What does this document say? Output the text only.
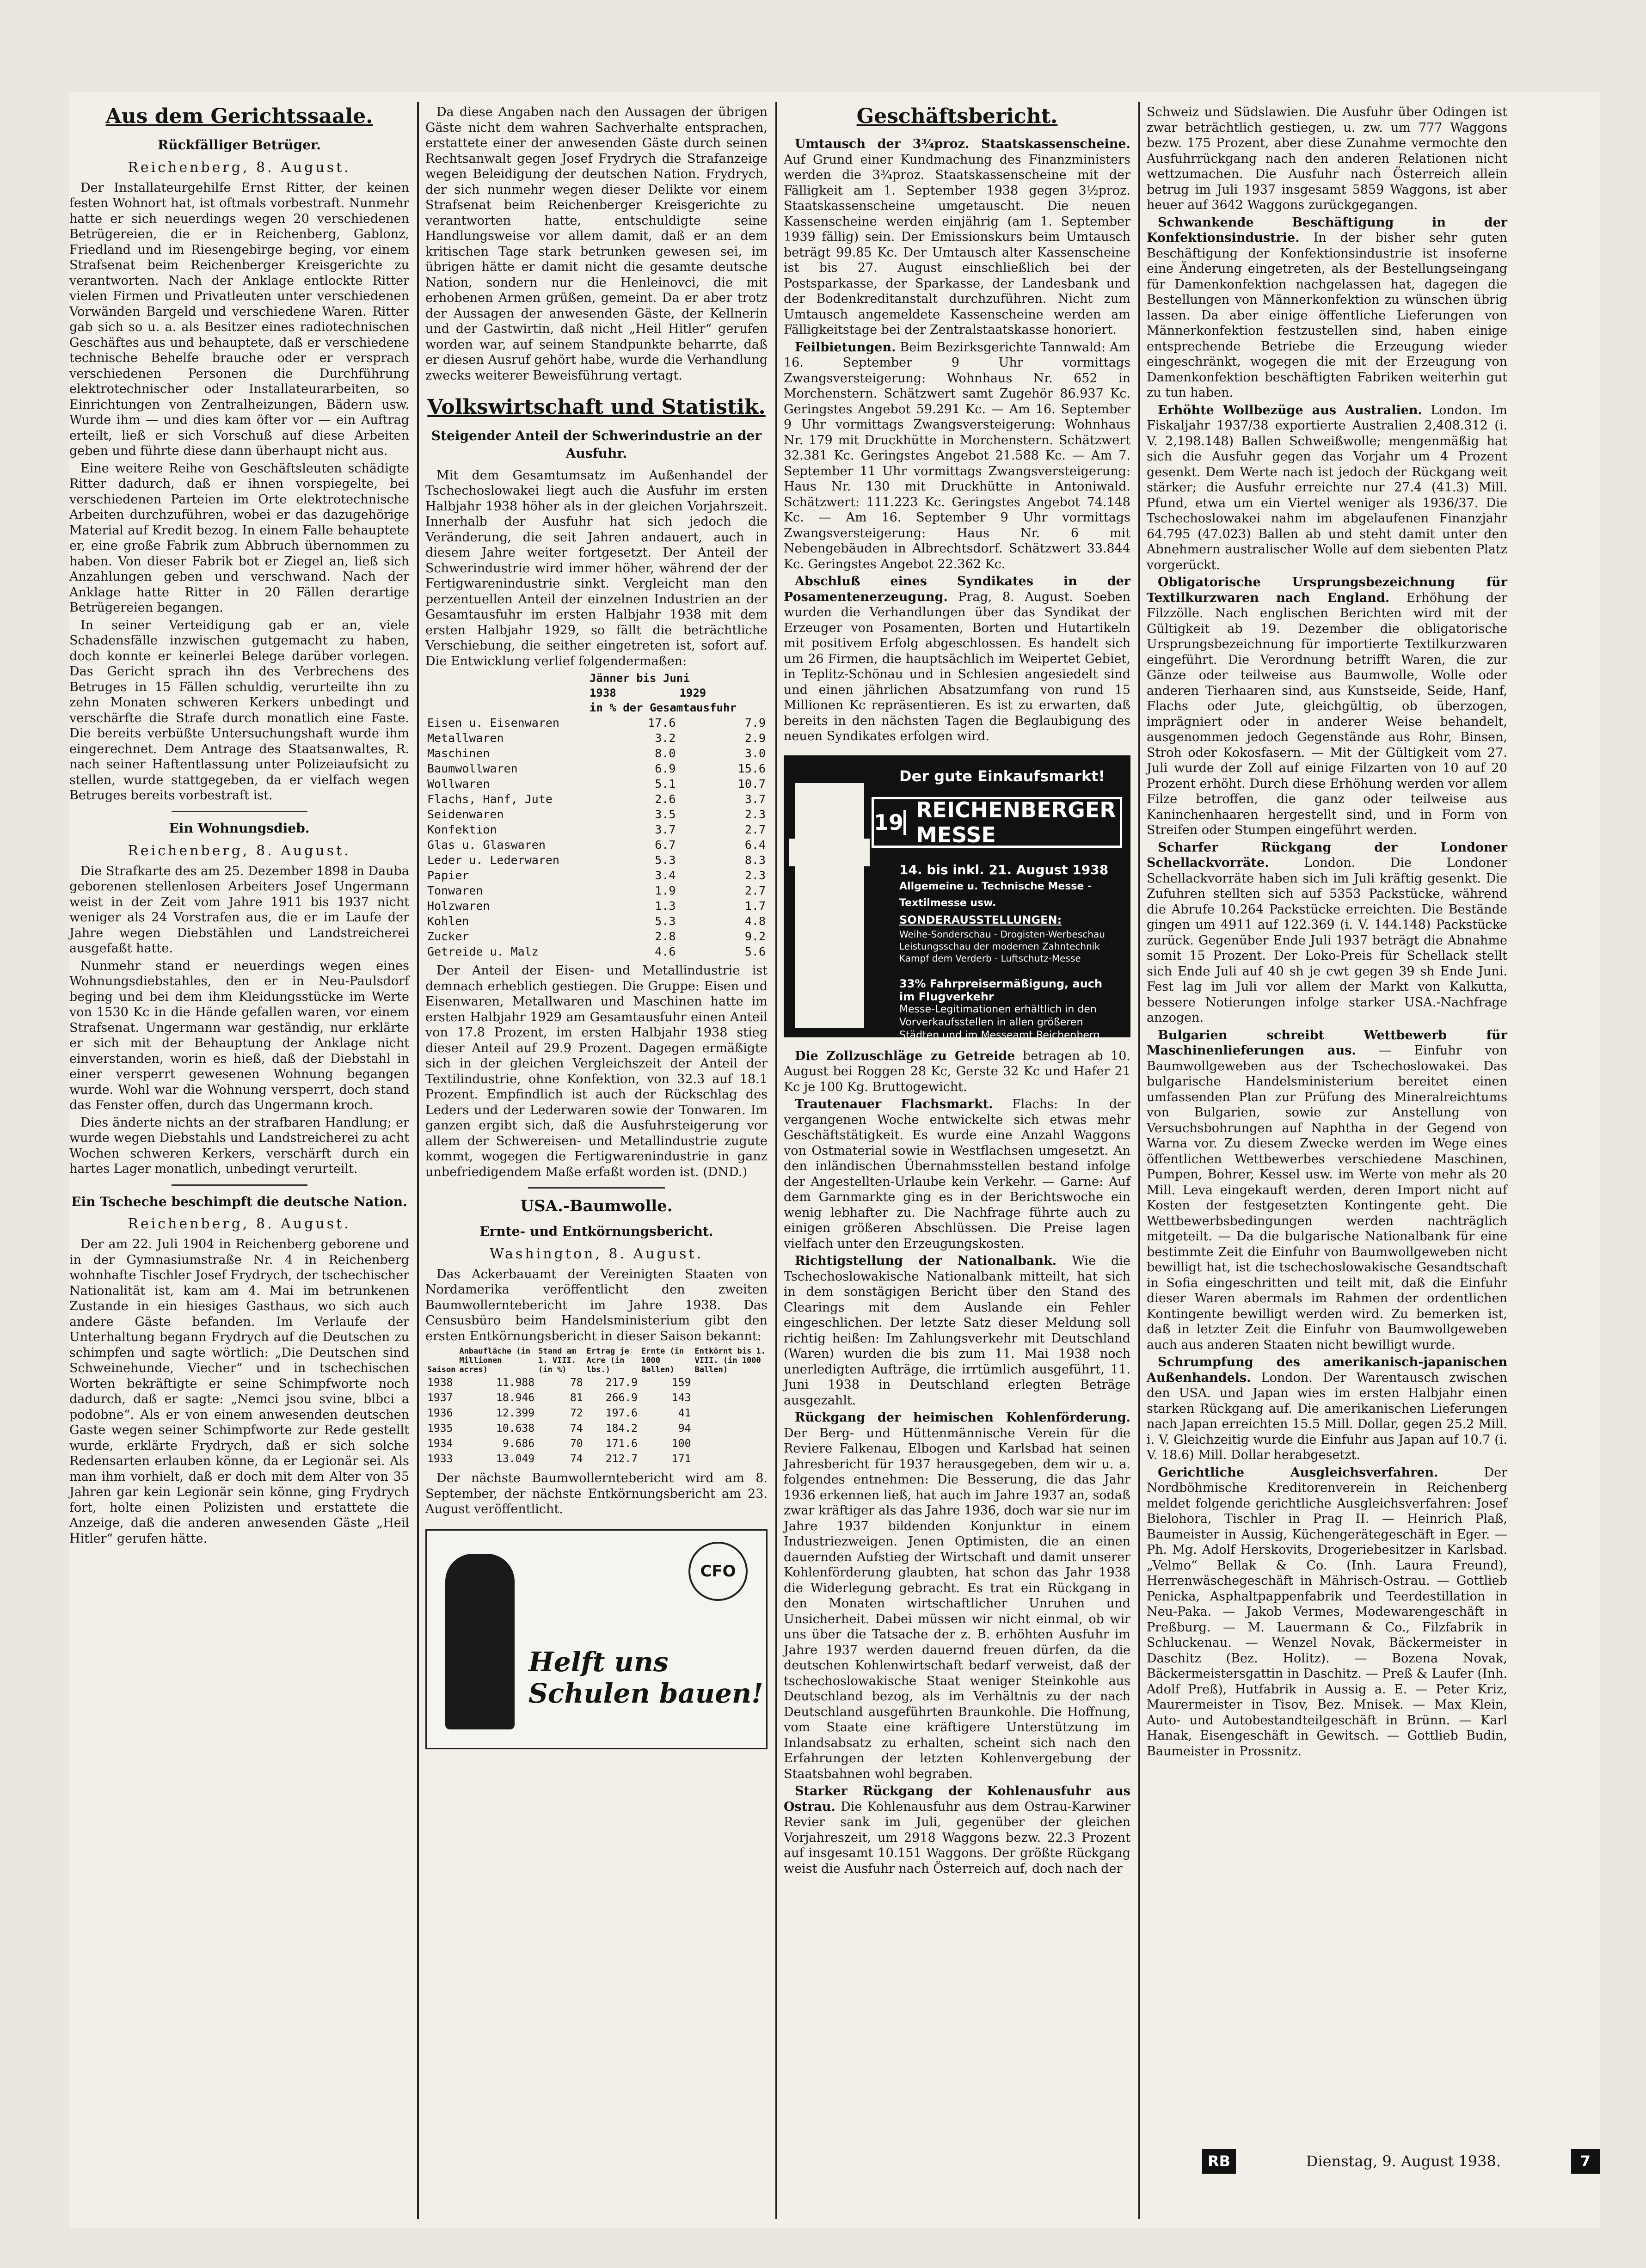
Aus dem Gerichtssaale.
Rückfälliger Betrüger.
Reichenberg, 8. August.

Der Installateurgehilfe Ernst Ritter, der keinen festen Wohnort hat, ist oftmals vorbestraft. Nunmehr hatte er sich neuerdings wegen 20 verschiedenen Betrügereien, die er in Reichenberg, Gablonz, Friedland und im Riesengebirge beging, vor einem Strafsenat beim Reichenberger Kreisgerichte zu verantworten. Nach der Anklage entlockte Ritter vielen Firmen und Privatleuten unter verschiedenen Vorwänden Bargeld und verschiedene Waren. Ritter gab sich so u. a. als Besitzer eines radiotechnischen Geschäftes aus und behauptete, daß er verschiedene technische Behelfe brauche oder er versprach verschiedenen Personen die Durchführung elektrotechnischer oder Installateurarbeiten, so Einrichtungen von Zentralheizungen, Bädern usw. Wurde ihm — und dies kam öfter vor — ein Auftrag erteilt, ließ er sich Vorschuß auf diese Arbeiten geben und führte diese dann überhaupt nicht aus.

Eine weitere Reihe von Geschäftsleuten schädigte Ritter dadurch, daß er ihnen vorspiegelte, bei verschiedenen Parteien im Orte elektrotechnische Arbeiten durchzuführen, wobei er das dazugehörige Material auf Kredit bezog. In einem Falle behauptete er, eine große Fabrik zum Abbruch übernommen zu haben. Von dieser Fabrik bot er Ziegel an, ließ sich Anzahlungen geben und verschwand. Nach der Anklage hatte Ritter in 20 Fällen derartige Betrügereien begangen.

In seiner Verteidigung gab er an, viele Schadensfälle inzwischen gutgemacht zu haben, doch konnte er keinerlei Belege darüber vorlegen. Das Gericht sprach ihn des Verbrechens des Betruges in 15 Fällen schuldig, verurteilte ihn zu zehn Monaten schweren Kerkers unbedingt und verschärfte die Strafe durch monatlich eine Faste. Die bereits verbüßte Untersuchungshaft wurde ihm eingerechnet. Dem Antrage des Staatsanwaltes, R. nach seiner Haftentlassung unter Polizeiaufsicht zu stellen, wurde stattgegeben, da er vielfach wegen Betruges bereits vorbestraft ist.

Ein Wohnungsdieb.
Reichenberg, 8. August.

Die Strafkarte des am 25. Dezember 1898 in Dauba geborenen stellenlosen Arbeiters Josef Ungermann weist in der Zeit vom Jahre 1911 bis 1937 nicht weniger als 24 Vorstrafen aus, die er im Laufe der Jahre wegen Diebstählen und Landstreicherei ausgefaßt hatte.

Nunmehr stand er neuerdings wegen eines Wohnungsdiebstahles, den er in Neu-Paulsdorf beging und bei dem ihm Kleidungsstücke im Werte von 1530 Kc in die Hände gefallen waren, vor einem Strafsenat. Ungermann war geständig, nur erklärte er sich mit der Behauptung der Anklage nicht einverstanden, worin es hieß, daß der Diebstahl in einer versperrt gewesenen Wohnung begangen wurde. Wohl war die Wohnung versperrt, doch stand das Fenster offen, durch das Ungermann kroch.

Dies änderte nichts an der strafbaren Handlung; er wurde wegen Diebstahls und Landstreicherei zu acht Wochen schweren Kerkers, verschärft durch ein hartes Lager monatlich, unbedingt verurteilt.

Ein Tscheche beschimpft die deutsche Nation.
Reichenberg, 8. August.

Der am 22. Juli 1904 in Reichenberg geborene und in der Gymnasiumstraße Nr. 4 in Reichenberg wohnhafte Tischler Josef Frydrych, der tschechischer Nationalität ist, kam am 4. Mai im betrunkenen Zustande in ein hiesiges Gasthaus, wo sich auch andere Gäste befanden. Im Verlaufe der Unterhaltung begann Frydrych auf die Deutschen zu schimpfen und sagte wörtlich: „Die Deutschen sind Schweinehunde, Viecher“ und in tschechischen Worten bekräftigte er seine Schimpfworte noch dadurch, daß er sagte: „Nemci jsou svine, blbci a podobne“. Als er von einem anwesenden deutschen Gaste wegen seiner Schimpfworte zur Rede gestellt wurde, erklärte Frydrych, daß er sich solche Redensarten erlauben könne, da er Legionär sei. Als man ihm vorhielt, daß er doch mit dem Alter von 35 Jahren gar kein Legionär sein könne, ging Frydrych fort, holte einen Polizisten und erstattete die Anzeige, daß die anderen anwesenden Gäste „Heil Hitler“ gerufen hätte.

Da diese Angaben nach den Aussagen der übrigen Gäste nicht dem wahren Sachverhalte entsprachen, erstattete einer der anwesenden Gäste durch seinen Rechtsanwalt gegen Josef Frydrych die Strafanzeige wegen Beleidigung der deutschen Nation. Frydrych, der sich nunmehr wegen dieser Delikte vor einem Strafsenat beim Reichenberger Kreisgerichte zu verantworten hatte, entschuldigte seine Handlungsweise vor allem damit, daß er an dem kritischen Tage stark betrunken gewesen sei, im übrigen hätte er damit nicht die gesamte deutsche Nation, sondern nur die Henleinovci, die mit erhobenen Armen grüßen, gemeint. Da er aber trotz der Aussagen der anwesenden Gäste, der Kellnerin und der Gastwirtin, daß nicht „Heil Hitler“ gerufen worden war, auf seinem Standpunkte beharrte, daß er diesen Ausruf gehört habe, wurde die Verhandlung zwecks weiterer Beweisführung vertagt.

Volkswirtschaft und Statistik.
Steigender Anteil der Schwerindustrie an der Ausfuhr.

Mit dem Gesamtumsatz im Außenhandel der Tschechoslowakei liegt auch die Ausfuhr im ersten Halbjahr 1938 höher als in der gleichen Vorjahrszeit. Innerhalb der Ausfuhr hat sich jedoch die Veränderung, die seit Jahren andauert, auch in diesem Jahre weiter fortgesetzt. Der Anteil der Schwerindustrie wird immer höher, während der der Fertigwarenindustrie sinkt. Vergleicht man den perzentuellen Anteil der einzelnen Industrien an der Gesamtausfuhr im ersten Halbjahr 1938 mit dem ersten Halbjahr 1929, so fällt die beträchtliche Verschiebung, die seither eingetreten ist, sofort auf. Die Entwicklung verlief folgendermaßen:

	Jänner bis Juni	
	1938	1929
	in % der Gesamtausfuhr	
Eisen u. Eisenwaren	17.6	7.9
Metallwaren	3.2	2.9
Maschinen	8.0	3.0
Baumwollwaren	6.9	15.6
Wollwaren	5.1	10.7
Flachs, Hanf, Jute	2.6	3.7
Seidenwaren	3.5	2.3
Konfektion	3.7	2.7
Glas u. Glaswaren	6.7	6.4
Leder u. Lederwaren	5.3	8.3
Papier	3.4	2.3
Tonwaren	1.9	2.7
Holzwaren	1.3	1.7
Kohlen	5.3	4.8
Zucker	2.8	9.2
Getreide u. Malz	4.6	5.6

Der Anteil der Eisen- und Metallindustrie ist demnach erheblich gestiegen. Die Gruppe: Eisen und Eisenwaren, Metallwaren und Maschinen hatte im ersten Halbjahr 1929 am Gesamtausfuhr einen Anteil von 17.8 Prozent, im ersten Halbjahr 1938 stieg dieser Anteil auf 29.9 Prozent. Dagegen ermäßigte sich in der gleichen Vergleichszeit der Anteil der Textilindustrie, ohne Konfektion, von 32.3 auf 18.1 Prozent. Empfindlich ist auch der Rückschlag des Leders und der Lederwaren sowie der Tonwaren. Im ganzen ergibt sich, daß die Ausfuhrsteigerung vor allem der Schwereisen- und Metallindustrie zugute kommt, wogegen die Fertigwarenindustrie in ganz unbefriedigendem Maße erfaßt worden ist. (DND.)

USA.-Baumwolle.
Ernte- und Entkörnungsbericht.
Washington, 8. August.

Das Ackerbauamt der Vereinigten Staaten von Nordamerika veröffentlicht den zweiten Baumwollerntebericht im Jahre 1938. Das Censusbüro beim Handelsministerium gibt den ersten Entkörnungsbericht in dieser Saison bekannt:

Saison	Anbaufläche (in Millionen acres)	Stand am 1. VIII. (in %)	Ertrag je Acre (in lbs.)	Ernte (in 1000 Ballen)	Entkörnt bis 1. VIII. (in 1000 Ballen)
1938	11.988	78	217.9	159	
1937	18.946	81	266.9	143	
1936	12.399	72	197.6	41	
1935	10.638	74	184.2	94	
1934	9.686	70	171.6	100	
1933	13.049	74	212.7	171	

Der nächste Baumwollerntebericht wird am 8. September, der nächste Entkörnungsbericht am 23. August veröffentlicht.

CFO
Helft uns Schulen bauen!
Geschäftsbericht.

Umtausch der 3¾proz. Staatskassenscheine. Auf Grund einer Kundmachung des Finanzministers werden die 3¾proz. Staatskassenscheine mit der Fälligkeit am 1. September 1938 gegen 3½proz. Staatskassenscheine umgetauscht. Die neuen Kassenscheine werden einjährig (am 1. September 1939 fällig) sein. Der Emissionskurs beim Umtausch beträgt 99.85 Kc. Der Umtausch alter Kassenscheine ist bis 27. August einschließlich bei der Postsparkasse, der Sparkasse, der Landesbank und der Bodenkreditanstalt durchzuführen. Nicht zum Umtausch angemeldete Kassenscheine werden am Fälligkeitstage bei der Zentralstaatskasse honoriert.

Feilbietungen. Beim Bezirksgerichte Tannwald: Am 16. September 9 Uhr vormittags Zwangsversteigerung: Wohnhaus Nr. 652 in Morchenstern. Schätzwert samt Zugehör 86.937 Kc. Geringstes Angebot 59.291 Kc. — Am 16. September 9 Uhr vormittags Zwangsversteigerung: Wohnhaus Nr. 179 mit Druckhütte in Morchenstern. Schätzwert 32.381 Kc. Geringstes Angebot 21.588 Kc. — Am 7. September 11 Uhr vormittags Zwangsversteigerung: Haus Nr. 130 mit Druckhütte in Antoniwald. Schätzwert: 111.223 Kc. Geringstes Angebot 74.148 Kc. — Am 16. September 9 Uhr vormittags Zwangsversteigerung: Haus Nr. 6 mit Nebengebäuden in Albrechtsdorf. Schätzwert 33.844 Kc. Geringstes Angebot 22.362 Kc.

Abschluß eines Syndikates in der Posamentenerzeugung. Prag, 8. August. Soeben wurden die Verhandlungen über das Syndikat der Erzeuger von Posamenten, Borten und Hutartikeln mit positivem Erfolg abgeschlossen. Es handelt sich um 26 Firmen, die hauptsächlich im Weipertet Gebiet, in Teplitz-Schönau und in Schlesien angesiedelt sind und einen jährlichen Absatzumfang von rund 15 Millionen Kc repräsentieren. Es ist zu erwarten, daß bereits in den nächsten Tagen die Beglaubigung des neuen Syndikates erfolgen wird.

Der gute Einkaufsmarkt!
19 REICHENBERGER MESSE
14. bis inkl. 21. August 1938
Allgemeine u. Technische Messe - Textilmesse usw.
SONDERAUSSTELLUNGEN:
Weihe-Sonderschau - Drogisten-Werbeschau
Leistungsschau der modernen Zahntechnik
Kampf dem Verderb - Luftschutz-Messe
33% Fahrpreisermäßigung, auch im Flugverkehr
Messe-Legitimationen erhältlich in den Vorverkaufsstellen in allen größeren Städten und im Messeamt Reichenberg

Die Zollzuschläge zu Getreide betragen ab 10. August bei Roggen 28 Kc, Gerste 32 Kc und Hafer 21 Kc je 100 Kg. Bruttogewicht.

Trautenauer Flachsmarkt. Flachs: In der vergangenen Woche entwickelte sich etwas mehr Geschäftstätigkeit. Es wurde eine Anzahl Waggons von Ostmaterial sowie in Westflachsen umgesetzt. An den inländischen Übernahmsstellen bestand infolge der Angestellten-Urlaube kein Verkehr. — Garne: Auf dem Garnmarkte ging es in der Berichtswoche ein wenig lebhafter zu. Die Nachfrage führte auch zu einigen größeren Abschlüssen. Die Preise lagen vielfach unter den Erzeugungskosten.

Richtigstellung der Nationalbank. Wie die Tschechoslowakische Nationalbank mitteilt, hat sich in dem sonstägigen Bericht über den Stand des Clearings mit dem Auslande ein Fehler eingeschlichen. Der letzte Satz dieser Meldung soll richtig heißen: Im Zahlungsverkehr mit Deutschland (Waren) wurden die bis zum 11. Mai 1938 noch unerledigten Aufträge, die irrtümlich ausgeführt, 11. Juni 1938 in Deutschland erlegten Beträge ausgezahlt.

Rückgang der heimischen Kohlenförderung. Der Berg- und Hüttenmännische Verein für die Reviere Falkenau, Elbogen und Karlsbad hat seinen Jahresbericht für 1937 herausgegeben, dem wir u. a. folgendes entnehmen: Die Besserung, die das Jahr 1936 erkennen ließ, hat auch im Jahre 1937 an, sodaß zwar kräftiger als das Jahre 1936, doch war sie nur im Jahre 1937 bildenden Konjunktur in einem Industriezweigen. Jenen Optimisten, die an einen dauernden Aufstieg der Wirtschaft und damit unserer Kohlenförderung glaubten, hat schon das Jahr 1938 die Widerlegung gebracht. Es trat ein Rückgang in den Monaten wirtschaftlicher Unruhen und Unsicherheit. Dabei müssen wir nicht einmal, ob wir uns über die Tatsache der z. B. erhöhten Ausfuhr im Jahre 1937 werden dauernd freuen dürfen, da die deutschen Kohlenwirtschaft bedarf verweist, daß der tschechoslowakische Staat weniger Steinkohle aus Deutschland bezog, als im Verhältnis zu der nach Deutschland ausgeführten Braunkohle. Die Hoffnung, vom Staate eine kräftigere Unterstützung im Inlandsabsatz zu erhalten, scheint sich nach den Erfahrungen der letzten Kohlenvergebung der Staatsbahnen wohl begraben.

Starker Rückgang der Kohlenausfuhr aus Ostrau. Die Kohlenausfuhr aus dem Ostrau-Karwiner Revier sank im Juli, gegenüber der gleichen Vorjahreszeit, um 2918 Waggons bezw. 22.3 Prozent auf insgesamt 10.151 Waggons. Der größte Rückgang weist die Ausfuhr nach Österreich auf, doch nach der

Schweiz und Südslawien. Die Ausfuhr über Odingen ist zwar beträchtlich gestiegen, u. zw. um 777 Waggons bezw. 175 Prozent, aber diese Zunahme vermochte den Ausfuhrrückgang nach den anderen Relationen nicht wettzumachen. Die Ausfuhr nach Österreich allein betrug im Juli 1937 insgesamt 5859 Waggons, ist aber heuer auf 3642 Waggons zurückgegangen.

Schwankende Beschäftigung in der Konfektionsindustrie. In der bisher sehr guten Beschäftigung der Konfektionsindustrie ist insoferne eine Änderung eingetreten, als der Bestellungseingang für Damenkonfektion nachgelassen hat, dagegen die Bestellungen von Männerkonfektion zu wünschen übrig lassen. Da aber einige öffentliche Lieferungen von Männerkonfektion festzustellen sind, haben einige entsprechende Betriebe die Erzeugung wieder eingeschränkt, wogegen die mit der Erzeugung von Damenkonfektion beschäftigten Fabriken weiterhin gut zu tun haben.

Erhöhte Wollbezüge aus Australien. London. Im Fiskaljahr 1937/38 exportierte Australien 2,408.312 (i. V. 2,198.148) Ballen Schweißwolle; mengenmäßig hat sich die Ausfuhr gegen das Vorjahr um 4 Prozent gesenkt. Dem Werte nach ist jedoch der Rückgang weit stärker; die Ausfuhr erreichte nur 27.4 (41.3) Mill. Pfund, etwa um ein Viertel weniger als 1936/37. Die Tschechoslowakei nahm im abgelaufenen Finanzjahr 64.795 (47.023) Ballen ab und steht damit unter den Abnehmern australischer Wolle auf dem siebenten Platz vorgerückt.

Obligatorische Ursprungsbezeichnung für Textilkurzwaren nach England. Erhöhung der Filzzölle. Nach englischen Berichten wird mit der Gültigkeit ab 19. Dezember die obligatorische Ursprungsbezeichnung für importierte Textilkurzwaren eingeführt. Die Verordnung betrifft Waren, die zur Gänze oder teilweise aus Baumwolle, Wolle oder anderen Tierhaaren sind, aus Kunstseide, Seide, Hanf, Flachs oder Jute, gleichgültig, ob überzogen, imprägniert oder in anderer Weise behandelt, ausgenommen jedoch Gegenstände aus Rohr, Binsen, Stroh oder Kokosfasern. — Mit der Gültigkeit vom 27. Juli wurde der Zoll auf einige Filzarten von 10 auf 20 Prozent erhöht. Durch diese Erhöhung werden vor allem Filze betroffen, die ganz oder teilweise aus Kaninchenhaaren hergestellt sind, und in Form von Streifen oder Stumpen eingeführt werden.

Scharfer Rückgang der Londoner Schellackvorräte.	London. Die Londoner Schellackvorräte haben sich im Juli kräftig gesenkt. Die Zufuhren stellten sich auf 5353 Packstücke, während die Abrufe 10.264 Packstücke erreichten. Die Bestände gingen um 4911 auf 122.369 (i. V. 144.148) Packstücke zurück. Gegenüber Ende Juli 1937 beträgt die Abnahme somit 15 Prozent. Der Loko-Preis für Schellack stellt sich Ende Juli auf 40 sh je cwt gegen 39 sh Ende Juni. Fest lag im Juli vor allem der Markt von Kalkutta, bessere Notierungen infolge starker USA.-Nachfrage anzogen.

Bulgarien schreibt Wettbewerb für Maschinenlieferungen aus. — Einfuhr von Baumwollgeweben aus der Tschechoslowakei. Das bulgarische Handelsministerium bereitet einen umfassenden Plan zur Prüfung des Mineralreichtums von Bulgarien, sowie zur Anstellung von Versuchsbohrungen auf Naphtha in der Gegend von Warna vor. Zu diesem Zwecke werden im Wege eines öffentlichen Wettbewerbes verschiedene Maschinen, Pumpen, Bohrer, Kessel usw. im Werte von mehr als 20 Mill. Leva eingekauft werden, deren Import nicht auf Kosten der festgesetzten Kontingente geht. Die Wettbewerbsbedingungen werden nachträglich mitgeteilt. — Da die bulgarische Nationalbank für eine bestimmte Zeit die Einfuhr von Baumwollgeweben nicht bewilligt hat, ist die tschechoslowakische Gesandtschaft in Sofia eingeschritten und teilt mit, daß die Einfuhr dieser Waren abermals im Rahmen der ordentlichen Kontingente bewilligt werden wird. Zu bemerken ist, daß in letzter Zeit die Einfuhr von Baumwollgeweben auch aus anderen Staaten nicht bewilligt wurde.

Schrumpfung des amerikanisch-japanischen Außenhandels. London. Der Warentausch zwischen den USA. und Japan wies im ersten Halbjahr einen starken Rückgang auf. Die amerikanischen Lieferungen nach Japan erreichten 15.5 Mill. Dollar, gegen 25.2 Mill. i. V. Gleichzeitig wurde die Einfuhr aus Japan auf 10.7 (i. V. 18.6) Mill. Dollar herabgesetzt.

Gerichtliche Ausgleichsverfahren.	Der Nordböhmische Kreditorenverein in Reichenberg meldet folgende gerichtliche Ausgleichsverfahren: Josef Bielohora, Tischler in Prag II. — Heinrich Plaß, Baumeister in Aussig, Küchengerätegeschäft in Eger. — Ph. Mg. Adolf Herskovits, Drogeriebesitzer in Karlsbad. „Velmo“ Bellak & Co. (Inh. Laura Freund), Herrenwäschegeschäft in Mährisch-Ostrau. — Gottlieb Penicka, Asphaltpappenfabrik und Teerdestillation in Neu-Paka. — Jakob Vermes, Modewarengeschäft in Preßburg. — M. Lauermann & Co., Filzfabrik in Schluckenau. — Wenzel Novak, Bäckermeister in Daschitz (Bez. Holitz). — Bozena Novak, Bäckermeistersgattin in Daschitz. — Preß & Laufer (Inh. Adolf Preß), Hutfabrik in Aussig a. E. — Peter Kriz, Maurermeister in Tisov, Bez. Mnisek. — Max Klein, Auto- und Autobestandteilgeschäft in Brünn. — Karl Hanak, Eisengeschäft in Gewitsch. — Gottlieb Budin, Baumeister in Prossnitz.

RB	Dienstag, 9. August 1938.	7
